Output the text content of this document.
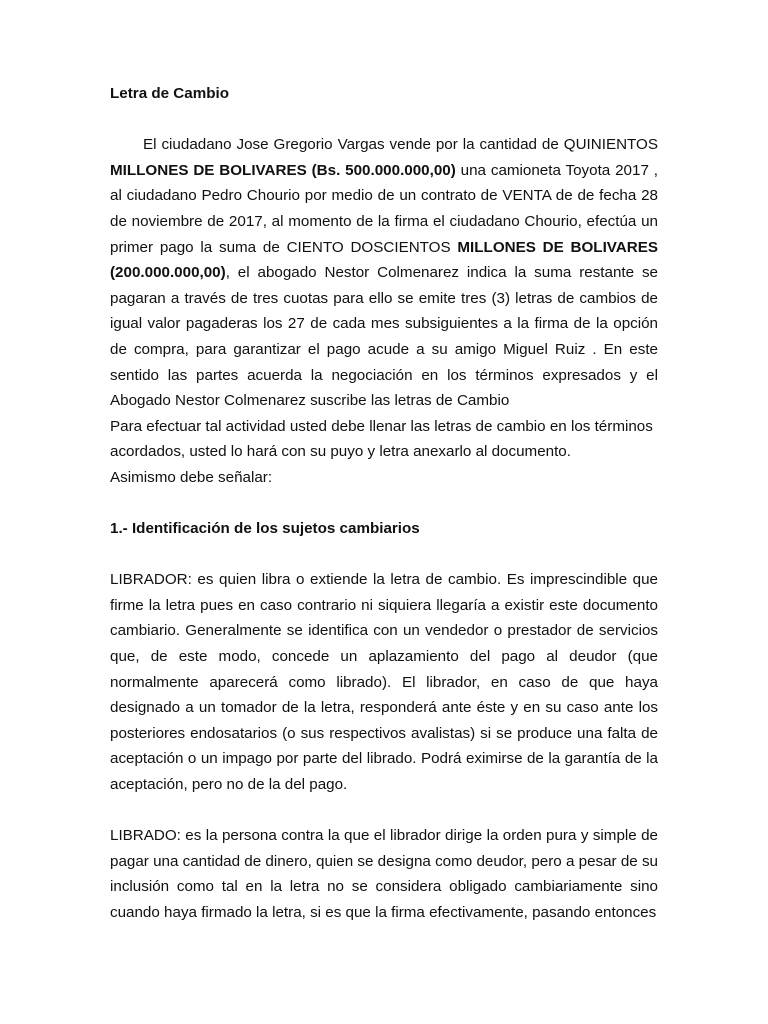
Letra de Cambio

El ciudadano Jose Gregorio Vargas vende por la cantidad de QUINIENTOS MILLONES DE BOLIVARES (Bs. 500.000.000,00) una camioneta Toyota 2017 , al ciudadano Pedro Chourio por medio de un contrato de VENTA de de fecha 28 de noviembre de 2017, al momento de la firma el ciudadano Chourio, efectúa un primer pago la suma de CIENTO DOSCIENTOS MILLONES DE BOLIVARES (200.000.000,00), el abogado Nestor Colmenarez indica la suma restante se pagaran a través de tres cuotas para ello se emite tres (3) letras de cambios de igual valor pagaderas los 27 de cada mes subsiguientes a la firma de la opción de compra, para garantizar el pago acude a su amigo Miguel Ruiz . En este sentido las partes acuerda la negociación en los términos expresados y el Abogado Nestor Colmenarez suscribe las letras de Cambio

Para efectuar tal actividad usted debe llenar las letras de cambio en los términos acordados, usted lo hará con su puyo y letra anexarlo al documento.

Asimismo debe señalar:

1.- Identificación de los sujetos cambiarios

LIBRADOR: es quien libra o extiende la letra de cambio. Es imprescindible que firme la letra pues en caso contrario ni siquiera llegaría a existir este documento cambiario. Generalmente se identifica con un vendedor o prestador de servicios que, de este modo, concede un aplazamiento del pago al deudor (que normalmente aparecerá como librado). El librador, en caso de que haya designado a un tomador de la letra, responderá ante éste y en su caso ante los posteriores endosatarios (o sus respectivos avalistas) si se produce una falta de aceptación o un impago por parte del librado. Podrá eximirse de la garantía de la aceptación, pero no de la del pago.

LIBRADO: es la persona contra la que el librador dirige la orden pura y simple de pagar una cantidad de dinero, quien se designa como deudor, pero a pesar de su inclusión como tal en la letra no se considera obligado cambiariamente sino cuando haya firmado la letra, si es que la firma efectivamente, pasando entonces
